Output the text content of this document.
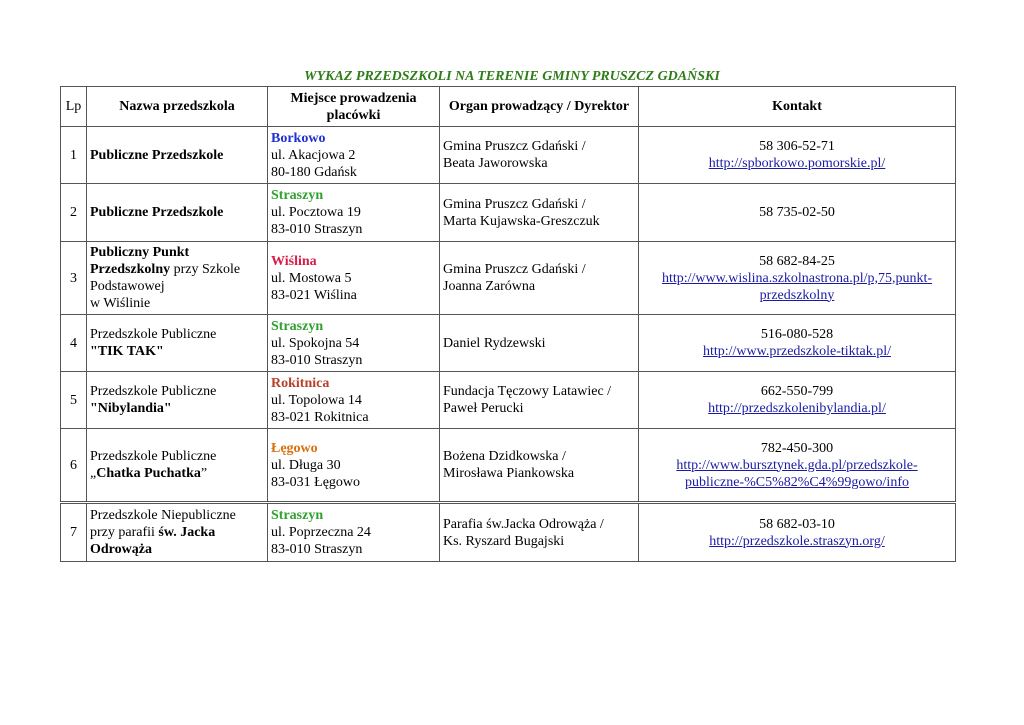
WYKAZ PRZEDSZKOLI NA TERENIE GMINY PRUSZCZ GDAŃSKI
Lp	Nazwa przedszkola	Miejsce prowadzenia placówki	Organ prowadzący / Dyrektor	Kontakt
1	Publiczne Przedszkole	Borkowo
ul. Akacjowa 2
80-180 Gdańsk	Gmina Pruszcz Gdański /
Beata Jaworowska	58 306-52-71
http://spborkowo.pomorskie.pl/

2	Publiczne Przedszkole	Straszyn
ul. Pocztowa 19
83-010 Straszyn	Gmina Pruszcz Gdański /
Marta Kujawska-Greszczuk	58 735-02-50

3	Publiczny Punkt
Przedszkolny przy Szkole
Podstawowej
w Wiślinie	Wiślina
ul. Mostowa 5
83-021 Wiślina	Gmina Pruszcz Gdański /
Joanna Zarówna	58 682-84-25
http://www.wislina.szkolnastrona.pl/p,75,punkt-
przedszkolny

4	Przedszkole Publiczne
"TIK TAK"	Straszyn
ul. Spokojna 54
83-010 Straszyn	Daniel Rydzewski	516-080-528
http://www.przedszkole-tiktak.pl/

5	Przedszkole Publiczne
"Nibylandia"	Rokitnica
ul. Topolowa 14
83-021 Rokitnica	Fundacja Tęczowy Latawiec /
Paweł Perucki	662-550-799
http://przedszkolenibylandia.pl/

6	Przedszkole Publiczne
„Chatka Puchatka”	Łęgowo
ul. Długa 30
83-031 Łęgowo	Bożena Dzidkowska /
Mirosława Piankowska	782-450-300
http://www.bursztynek.gda.pl/przedszkole-
publiczne-%C5%82%C4%99gowo/info

7	Przedszkole Niepubliczne
przy parafii św. Jacka
Odrowąża	Straszyn
ul. Poprzeczna 24
83-010 Straszyn	Parafia św.Jacka Odrowąża /
Ks. Ryszard Bugajski	58 682-03-10
http://przedszkole.straszyn.org/
